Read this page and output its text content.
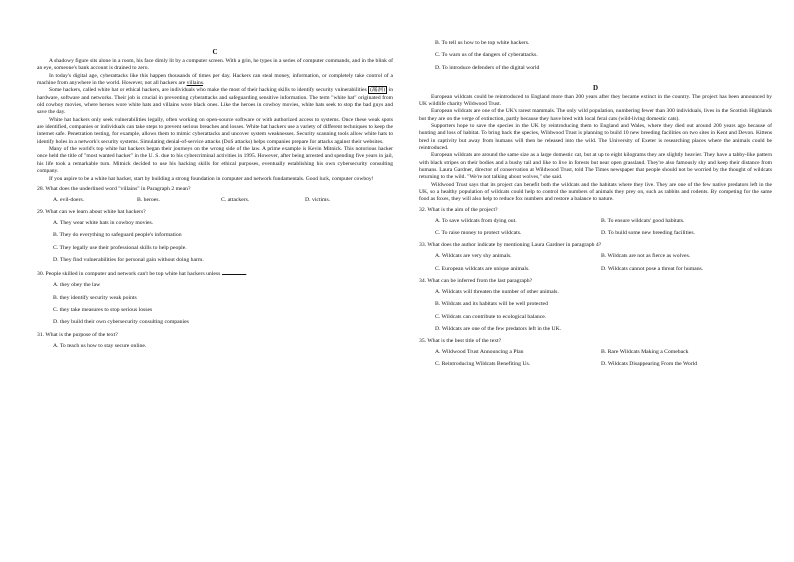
C

A shadowy figure sits alone in a room, his face dimly lit by a computer screen. With a grin, he types in a series of computer commands, and in the blink of an eye, someone's bank account is drained to zero.

In today's digital age, cyberattacks like this happen thousands of times per day. Hackers can steal money, information, or completely take control of a machine from anywhere in the world. However, not all hackers are villains.

Some hackers, called white hat or ethical hackers, are individuals who make the most of their hacking skills to identify security vulnerabilities (漏洞) in hardware, software and networks. Their job is crucial in preventing cyberattacks and safeguarding sensitive information. The term "white hat" originated from old cowboy movies, where heroes wore white hats and villains wore black ones. Like the heroes in cowboy movies, white hats seek to stop the bad guys and save the day.

White hat hackers only seek vulnerabilities legally, often working on open-source software or with authorized access to systems. Once these weak spots are identified, companies or individuals can take steps to prevent serious breaches and losses. White hat hackers use a variety of different techniques to keep the internet safe. Penetration testing, for example, allows them to mimic cyberattacks and uncover system weaknesses. Security scanning tools allow white hats to identify holes in a network's security systems. Simulating denial-of-service attacks (DoS attacks) helps companies prepare for attacks against their websites.

Many of the world's top white hat hackers began their journeys on the wrong side of the law. A prime example is Kevin Mitnick. This notorious hacker once held the title of "most wanted hacker" in the U. S. due to his cybercriminal activities in 1995. However, after being arrested and spending five years in jail, his life took a remarkable turn. Mitnick decided to use his hacking skills for ethical purposes, eventually establishing his own cybersecurity consulting company.

If you aspire to be a white hat hacker, start by building a strong foundation in computer and network fundamentals. Good luck, computer cowboy!

28. What does the underlined word "villains" in Paragraph 2 mean?

A. evil-doers.	B. heroes.	C. attackers.	D. victims.

29. What can we learn about white hat hackers?

A. They wear white hats in cowboy movies.

B. They do everything to safeguard people's information

C. They legally use their professional skills to help people.

D. They find vulnerabilities for personal gain without doing harm.

30. People skilled in computer and network can't be top white hat hackers unless	.

A. they obey the law

B. they identify security weak points

C. they take measures to stop serious losses

D. they build their own cybersecurity consulting companies

31. What is the purpose of the text?

A. To teach us how to stay secure online.

B. To tell us how to be top white hackers.

C. To warn us of the dangers of cyberattacks.

D. To introduce defenders of the digital world

D

European wildcats could be reintroduced to England more than 200 years after they became extinct in the country. The project has been announced by UK wildlife charity Wildwood Trust.

European wildcats are one of the UK's rarest mammals. The only wild population, numbering fewer than 300 individuals, lives in the Scottish Highlands but they are on the verge of extinction, partly because they have bred with local feral cats (wild-living domestic cats).

Supporters hope to save the species in the UK by reintroducing them to England and Wales, where they died out around 200 years ago because of hunting and loss of habitat. To bring back the species, Wildwood Trust is planning to build 10 new breeding facilities on two sites in Kent and Devon. Kittens bred in captivity but away from humans will then be released into the wild. The University of Exeter is researching places where the animals could be reintroduced.

European wildcats are around the same size as a large domestic cat, but at up to eight kilograms they are slightly heavier. They have a tabby-like pattern with black stripes on their bodies and a bushy tail and like to live in forests but near open grassland. They're also famously shy and keep their distance from humans. Laura Gardner, director of conservation at Wildwood Trust, told The Times newspaper that people should not be worried by the thought of wildcats returning to the wild. "We're not talking about wolves," she said.

Wildwood Trust says that its project can benefit both the wildcats and the habitats where they live. They are one of the few native predators left in the UK, so a healthy population of wildcats could help to control the numbers of animals they prey on, such as rabbits and rodents. By competing for the same food as foxes, they will also help to reduce fox numbers and restore a balance to nature.

32. What is the aim of the project?

A. To save wildcats from dying out.	B. To ensure wildcats' good habitats.
C. To raise money to protect wildcats.	D. To build some new breeding facilities.

33. What does the author indicate by mentioning Laura Gardner in paragraph 4?

A. Wildcats are very shy animals.	B. Wildcats are not as fierce as wolves.
C. European wildcats are unique animals.	D. Wildcats cannot pose a threat for humans.

34. What can be inferred from the last paragraph?

A. Wildcats will threaten the number of other animals.

B. Wildcats and its habitats will be well protected

C. Wildcats can contribute to ecological balance.

D. Wildcats are one of the few predators left in the UK.

35. What is the best title of the text?

A. Wildwood Trust Announcing a Plan	B. Rare Wildcats Making a Comeback
C. Reintroducing Wildcats Benefiting Us.	D. Wildcats Disappearing From the World
